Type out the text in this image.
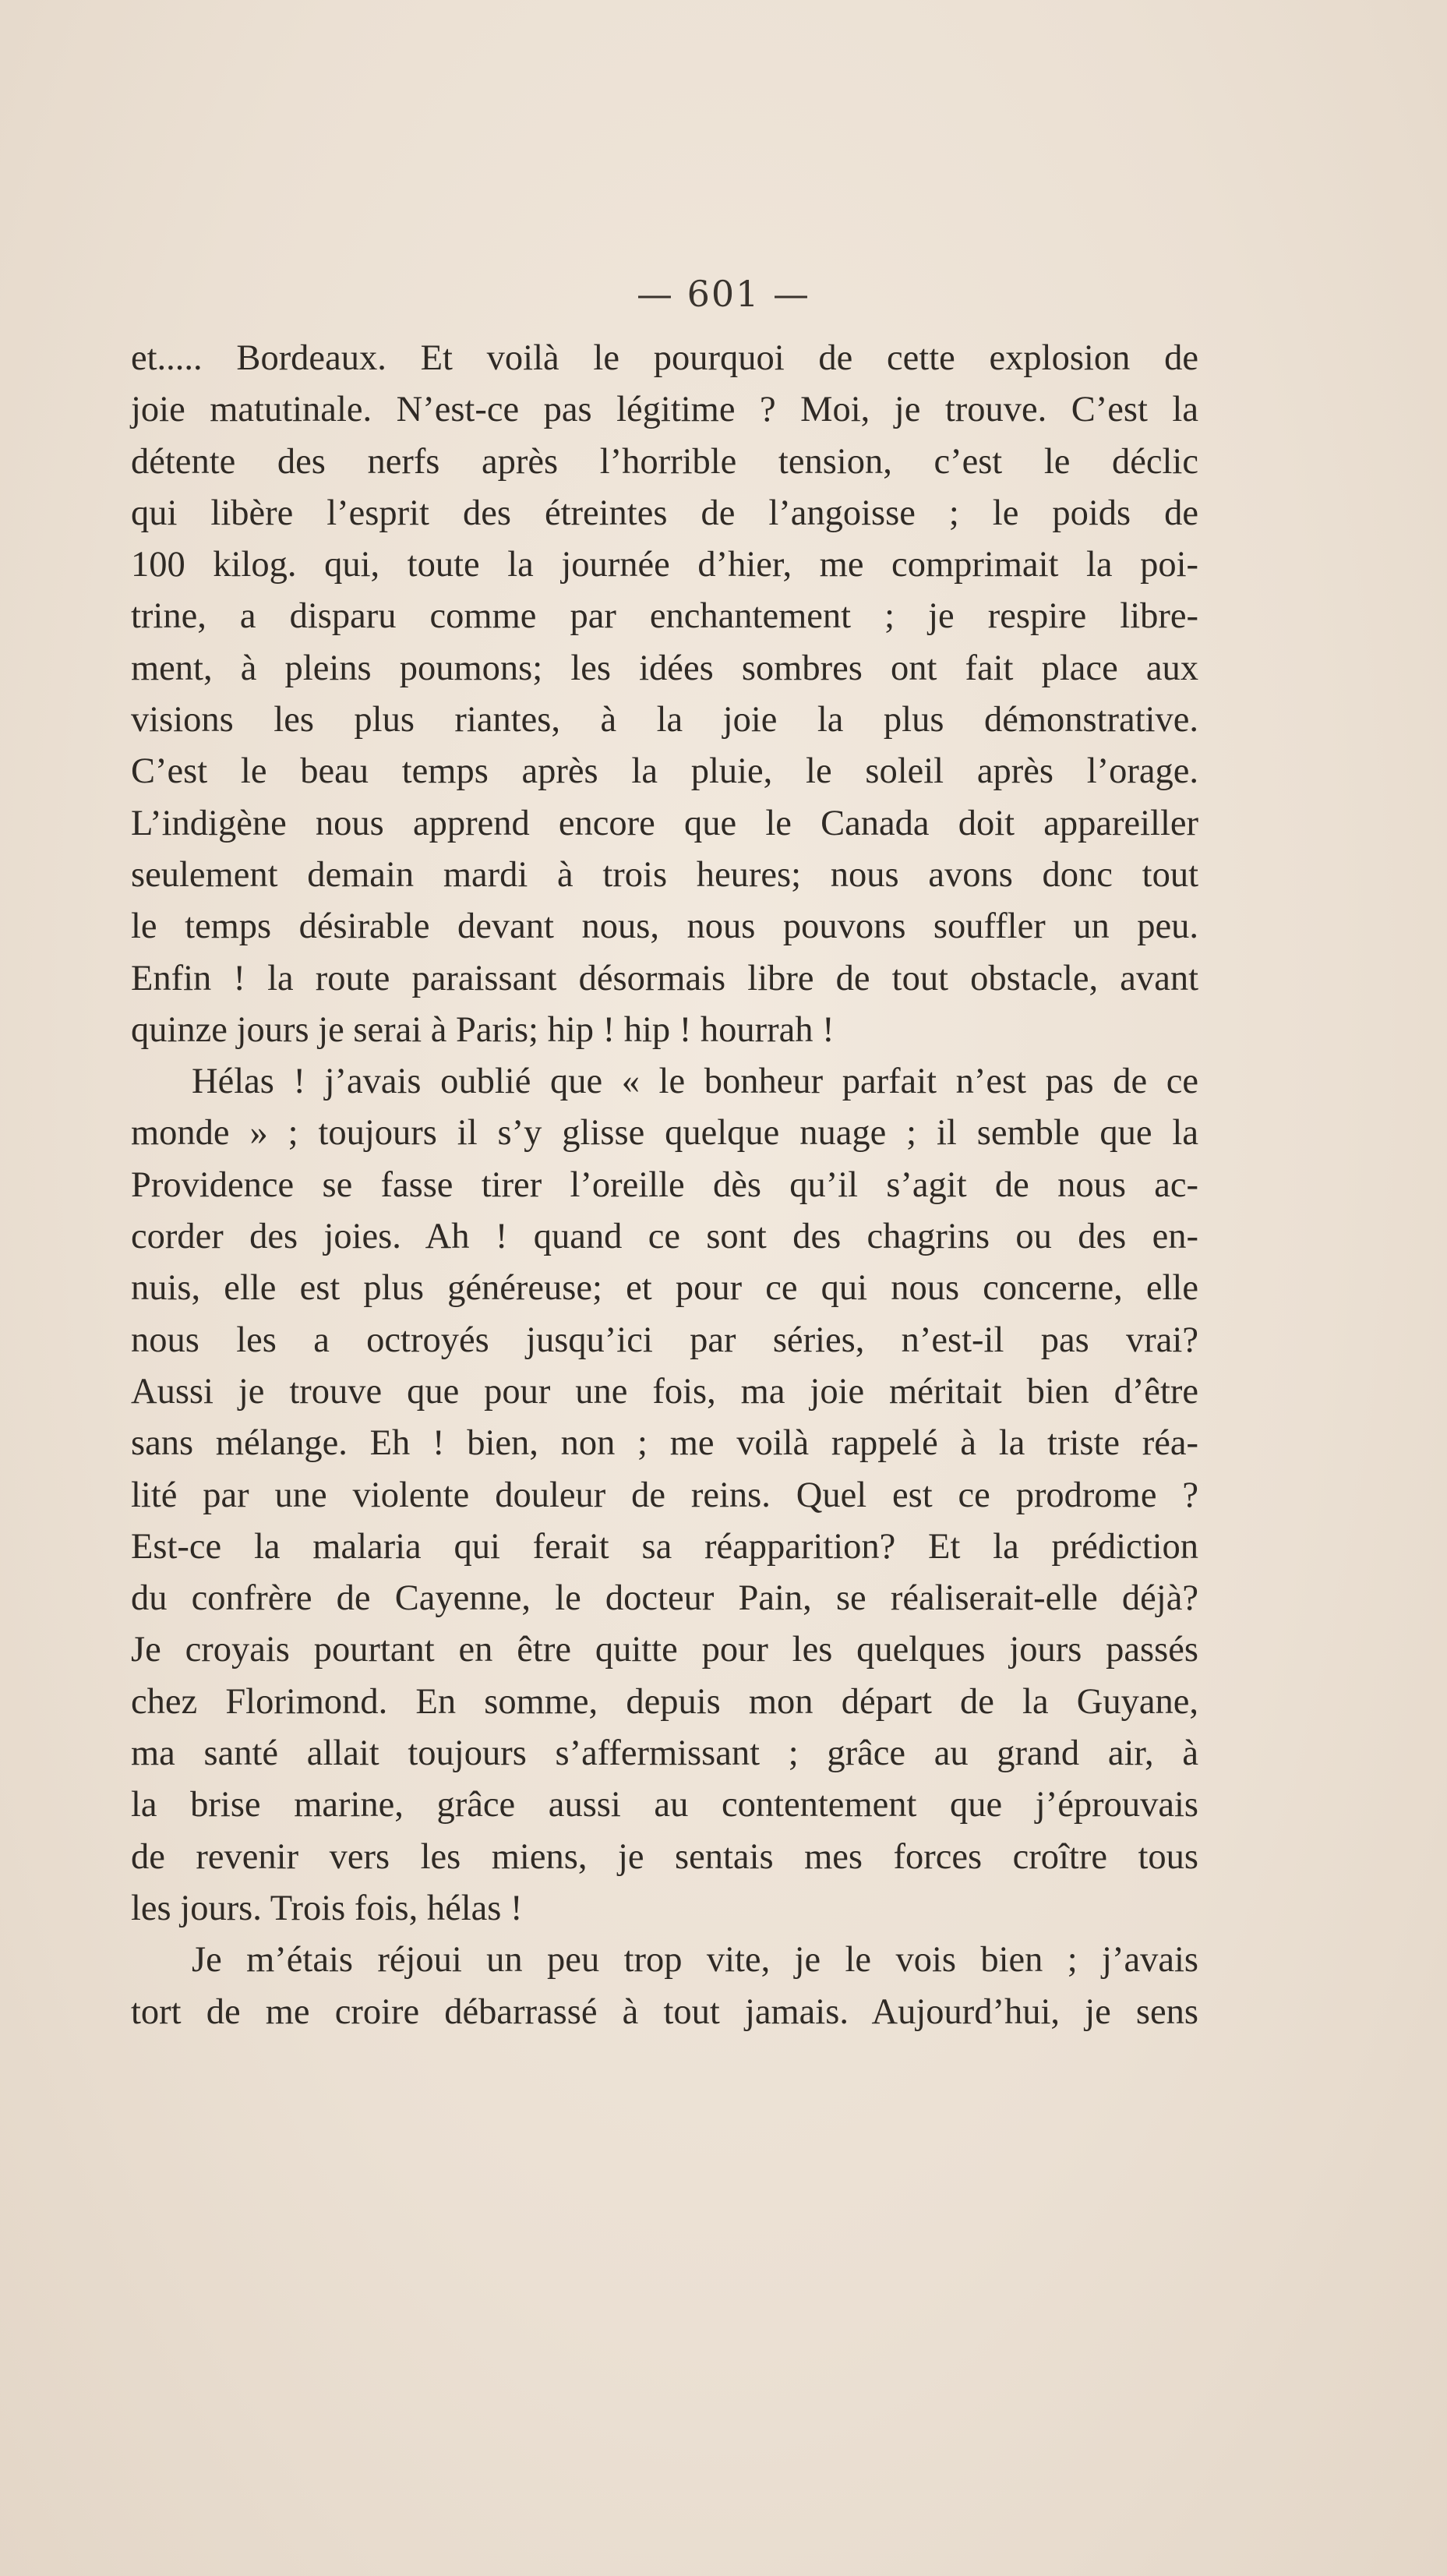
— 601 —
et..... Bordeaux. Et voilà le pourquoi de cette explosion de
joie matutinale. N’est-ce pas légitime ? Moi, je trouve. C’est la
détente des nerfs après l’horrible tension, c’est le déclic
qui libère l’esprit des étreintes de l’angoisse ; le poids de
100 kilog. qui, toute la journée d’hier, me comprimait la poi-
trine, a disparu comme par enchantement ; je respire libre-
ment, à pleins poumons; les idées sombres ont fait place aux
visions les plus riantes, à la joie la plus démonstrative.
C’est le beau temps après la pluie, le soleil après l’orage.
L’indigène nous apprend encore que le Canada doit appareiller
seulement demain mardi à trois heures; nous avons donc tout
le temps désirable devant nous, nous pouvons souffler un peu.
Enfin ! la route paraissant désormais libre de tout obstacle, avant
quinze jours je serai à Paris; hip ! hip ! hourrah !
Hélas ! j’avais oublié que « le bonheur parfait n’est pas de ce
monde » ; toujours il s’y glisse quelque nuage ; il semble que la
Providence se fasse tirer l’oreille dès qu’il s’agit de nous ac-
corder des joies. Ah ! quand ce sont des chagrins ou des en-
nuis, elle est plus généreuse; et pour ce qui nous concerne, elle
nous les a octroyés jusqu’ici par séries, n’est-il pas vrai?
Aussi je trouve que pour une fois, ma joie méritait bien d’être
sans mélange. Eh ! bien, non ; me voilà rappelé à la triste réa-
lité par une violente douleur de reins. Quel est ce prodrome ?
Est-ce la malaria qui ferait sa réapparition? Et la prédiction
du confrère de Cayenne, le docteur Pain, se réaliserait-elle déjà?
Je croyais pourtant en être quitte pour les quelques jours passés
chez Florimond. En somme, depuis mon départ de la Guyane,
ma santé allait toujours s’affermissant ; grâce au grand air, à
la brise marine, grâce aussi au contentement que j’éprouvais
de revenir vers les miens, je sentais mes forces croître tous
les jours. Trois fois, hélas !
Je m’étais réjoui un peu trop vite, je le vois bien ; j’avais
tort de me croire débarrassé à tout jamais. Aujourd’hui, je sens
